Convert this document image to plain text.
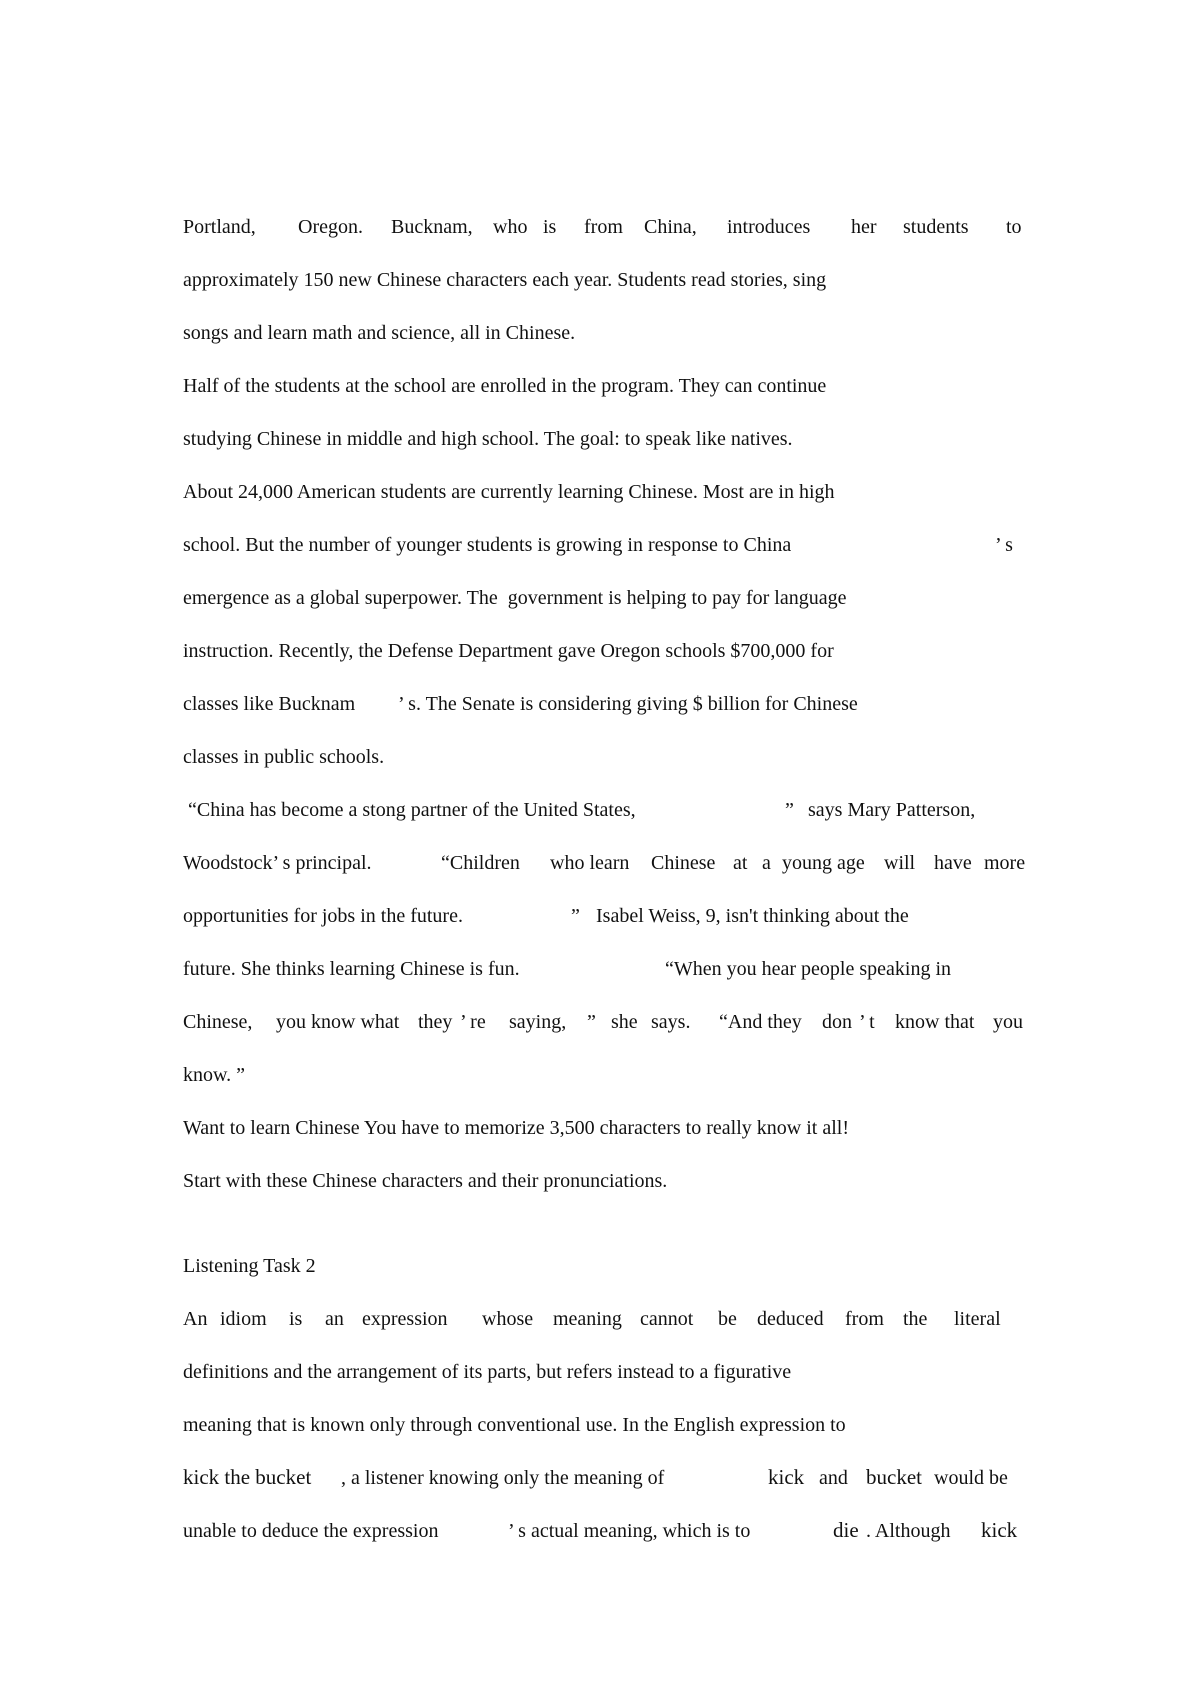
Portland, Oregon. Bucknam, who is from China, introduces her students to
approximately 150 new Chinese characters each year. Students read stories, sing
songs and learn math and science, all in Chinese.
Half of the students at the school are enrolled in the program. They can continue
studying Chinese in middle and high school. The goal: to speak like natives.
About 24,000 American students are currently learning Chinese. Most are in high
school. But the number of younger students is growing in response to China	’ s
emergence as a global superpower. The  government is helping to pay for language
instruction. Recently, the Defense Department gave Oregon schools $700,000 for
classes like Bucknam ’ s. The Senate is considering giving $ billion for Chinese
classes in public schools.
“China has become a stong partner of the United States,	” says Mary Patterson,
Woodstock’ s principal.	“Children who learn Chinese at a young age will have more
opportunities for jobs in the future.	” Isabel Weiss, 9, isn't thinking about the
future. She thinks learning Chinese is fun.	“When you hear people speaking in
Chinese, you know what they ’ re saying, ” she says. “And they don ’ t know that you
know. ”
Want to learn Chinese You have to memorize 3,500 characters to really know it all!
Start with these Chinese characters and their pronunciations.
Listening Task 2
An idiom is an expression whose meaning cannot be deduced from the literal
definitions and the arrangement of its parts, but refers instead to a figurative
meaning that is known only through conventional use. In the English expression to
kick the bucket , a listener knowing only the meaning of	kick and bucket would be
unable to deduce the expression	’ s actual meaning, which is to	die . Although kick
